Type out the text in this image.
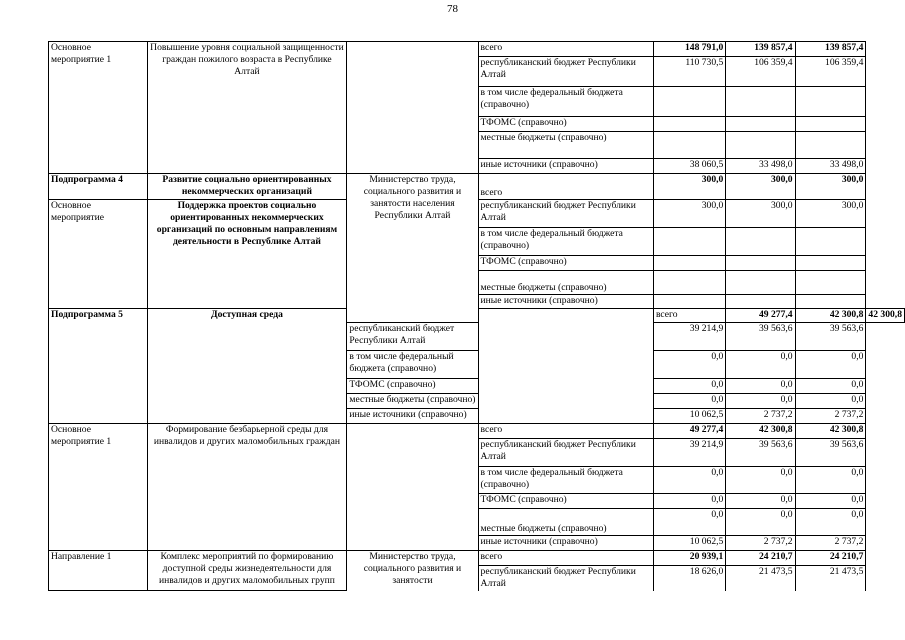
78
Основное мероприятие 1	Повышение уровня социальной защищенности граждан пожилого возраста в Республике Алтай		всего	148 791,0	139 857,4	139 857,4	
			республиканский бюджет Республики Алтай	110 730,5	106 359,4	106 359,4	
			в том числе федеральный бюджета (справочно)				
			ТФОМС (справочно)				
			местные бюджеты (справочно)				
			иные источники (справочно)	38 060,5	33 498,0	33 498,0	
Подпрограмма 4	Развитие социально ориентированных некоммерческих организаций	Министерство труда, социального развития и занятости населения Республики Алтай	всего	300,0	300,0	300,0	
Основное мероприятие	Поддержка проектов социально ориентированных некоммерческих организаций по основным направлениям деятельности в Республике Алтай		республиканский бюджет Республики Алтай	300,0	300,0	300,0	
			в том числе федеральный бюджета (справочно)				
			ТФОМС (справочно)				
			местные бюджеты (справочно)				
			иные источники (справочно)				
Подпрограмма 5	Доступная среда			всего	49 277,4	42 300,8	42 300,8
		республиканский бюджет Республики Алтай		39 214,9	39 563,6	39 563,6	
		в том числе федеральный бюджета (справочно)		0,0	0,0	0,0	
		ТФОМС (справочно)		0,0	0,0	0,0	
		местные бюджеты (справочно)		0,0	0,0	0,0	
		иные источники (справочно)		10 062,5	2 737,2	2 737,2	
Основное мероприятие 1	Формирование безбарьерной среды для инвалидов и других маломобильных граждан		всего	49 277,4	42 300,8	42 300,8	
			республиканский бюджет Республики Алтай	39 214,9	39 563,6	39 563,6	
			в том числе федеральный бюджета (справочно)	0,0	0,0	0,0	
			ТФОМС (справочно)	0,0	0,0	0,0	
			местные бюджеты (справочно)	0,0	0,0	0,0	
			иные источники (справочно)	10 062,5	2 737,2	2 737,2	
Направление 1	Комплекс мероприятий по формированию доступной среды жизнедеятельности для инвалидов и других маломобильных групп	Министерство труда, социального развития и занятости	всего	20 939,1	24 210,7	24 210,7	
			республиканский бюджет Республики Алтай	18 626,0	21 473,5	21 473,5	
